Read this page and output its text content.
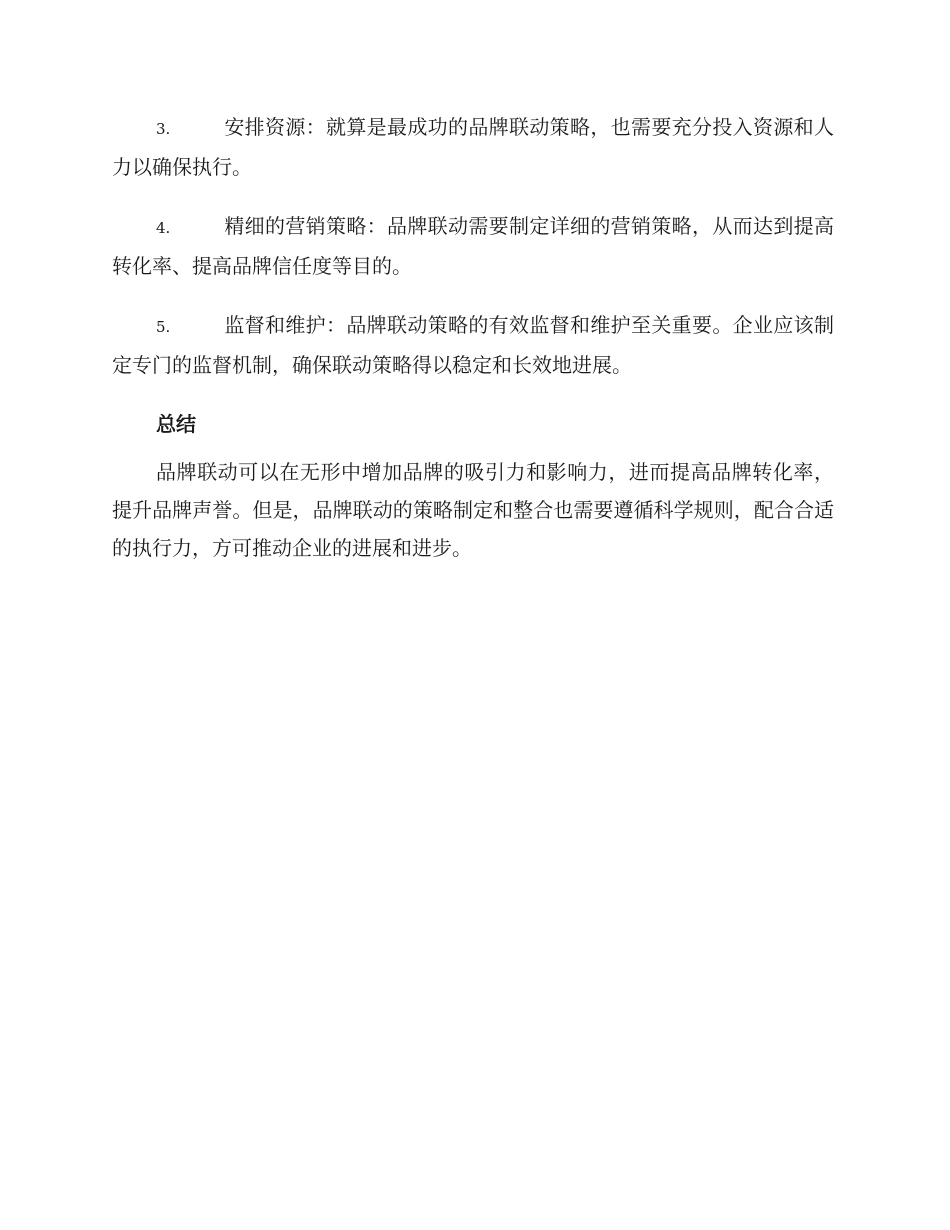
3.	安排资源：就算是最成功的品牌联动策略，也需要充分投入资源和人力以确保执行。

4.	精细的营销策略：品牌联动需要制定详细的营销策略，从而达到提高转化率、提高品牌信任度等目的。

5.	监督和维护：品牌联动策略的有效监督和维护至关重要。企业应该制定专门的监督机制，确保联动策略得以稳定和长效地进展。

总结

品牌联动可以在无形中增加品牌的吸引力和影响力，进而提高品牌转化率，提升品牌声誉。但是，品牌联动的策略制定和整合也需要遵循科学规则，配合合适的执行力，方可推动企业的进展和进步。
